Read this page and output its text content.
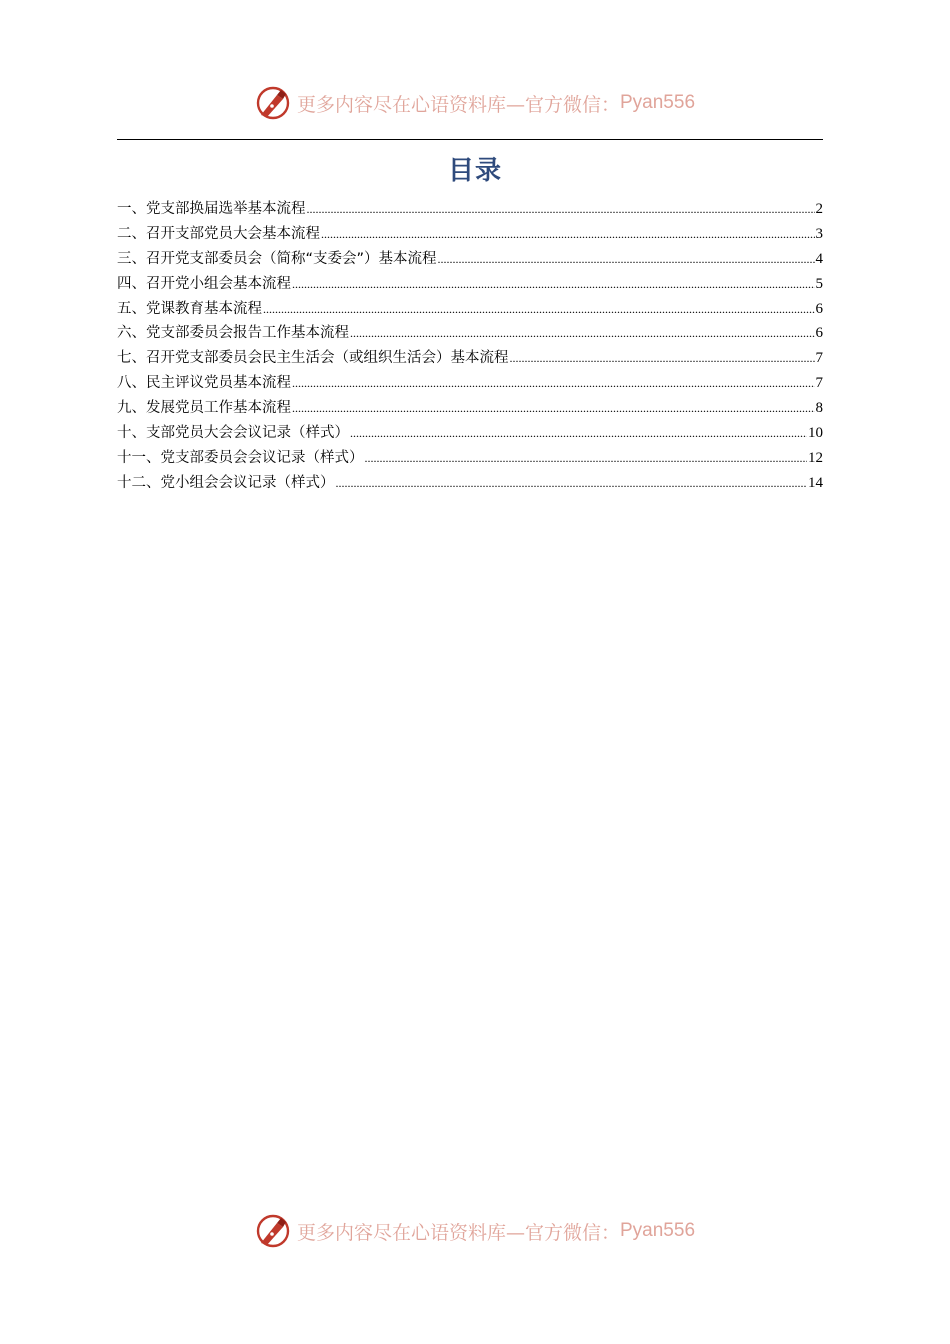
更多内容尽在心语资料库—官方微信： Pyan556
目录
一、党支部换届选举基本流程 .....	2
二、召开支部党员大会基本流程 .....	3
三、召开党支部委员会（简称“支委会”）基本流程 .....	4
四、召开党小组会基本流程 .....	5
五、党课教育基本流程 .....	6
六、党支部委员会报告工作基本流程 .....	6
七、召开党支部委员会民主生活会（或组织生活会）基本流程 .....	7
八、民主评议党员基本流程 .....	7
九、发展党员工作基本流程 .....	8
十、支部党员大会会议记录（样式） .....	10
十一、党支部委员会会议记录（样式） .....	12
十二、党小组会会议记录（样式） .....	14
更多内容尽在心语资料库—官方微信： Pyan556
